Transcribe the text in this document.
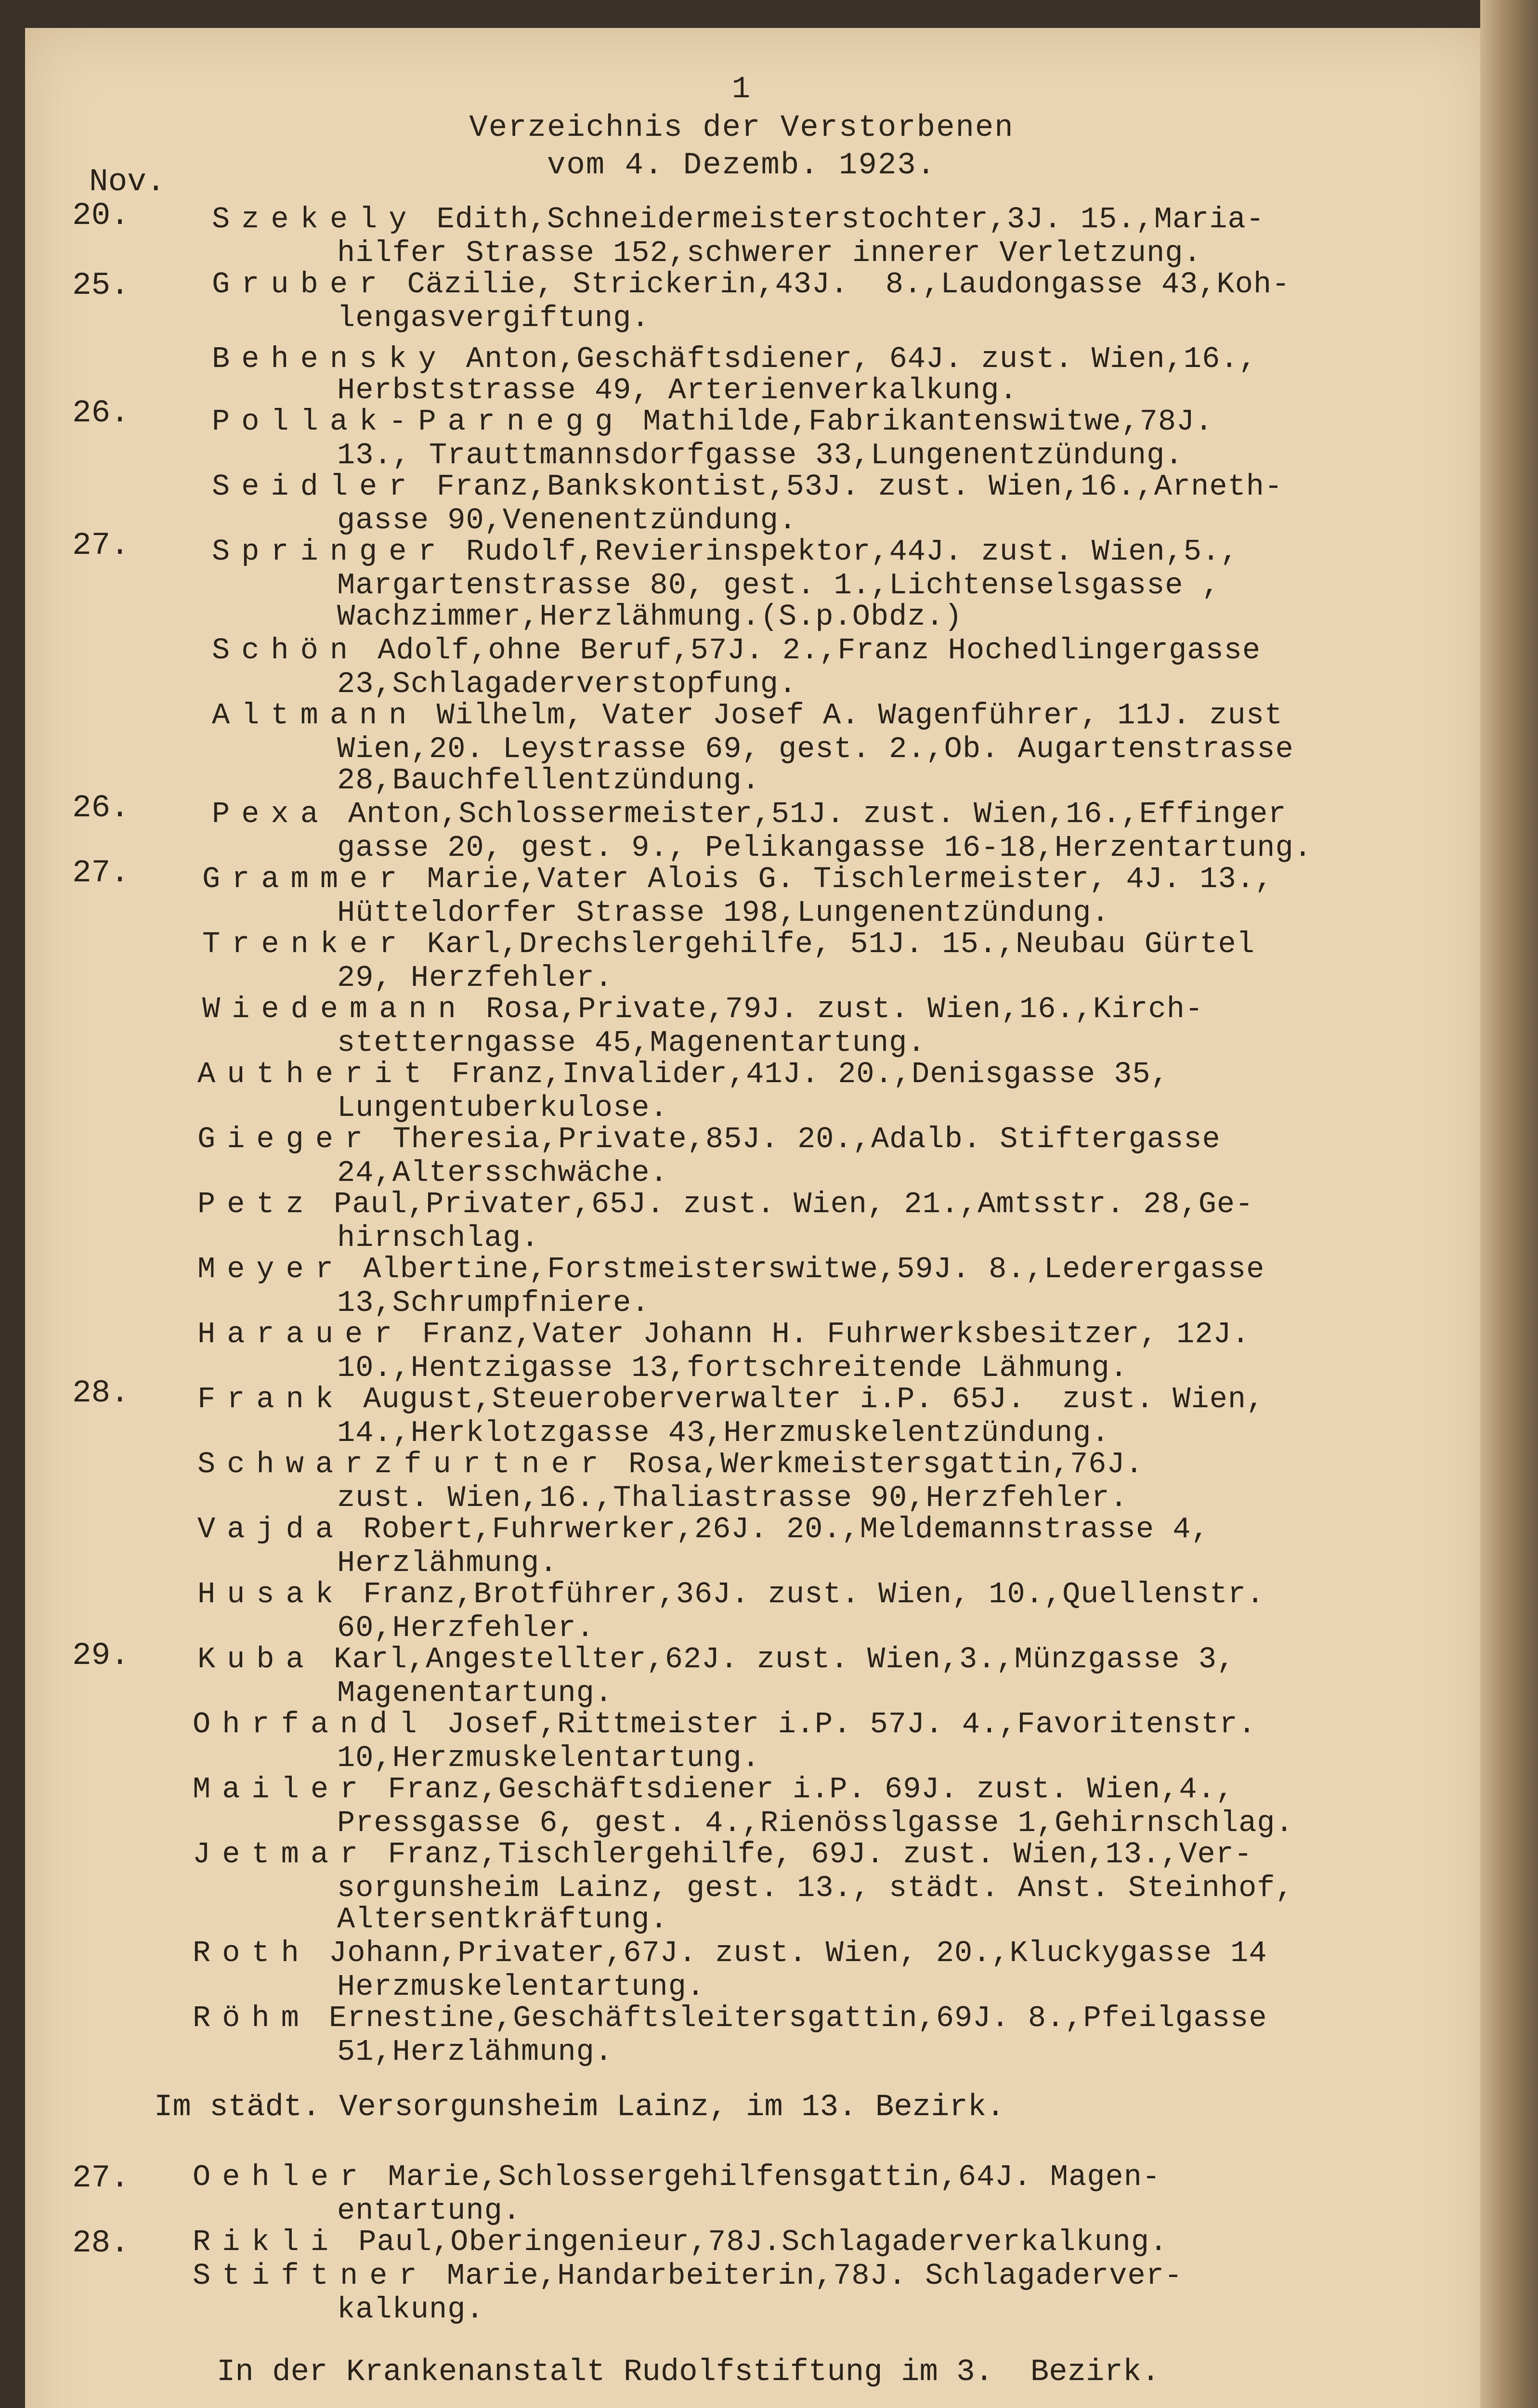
1
Verzeichnis der Verstorbenen
vom 4. Dezemb. 1923.
Nov.
20.
25.
26.
27.
26.
27.
28.
29.
27.
28.
Szekely Edith,Schneidermeisterstochter,3J. 15.,Maria-
hilfer Strasse 152,schwerer innerer Verletzung.
Gruber Cäzilie, Strickerin,43J.  8.,Laudongasse 43,Koh-
lengasvergiftung.
Behensky Anton,Geschäftsdiener, 64J. zust. Wien,16.,
Herbststrasse 49, Arterienverkalkung.
Pollak-Parnegg Mathilde,Fabrikantenswitwe,78J.
13., Trauttmannsdorfgasse 33,Lungenentzündung.
Seidler Franz,Bankskontist,53J. zust. Wien,16.,Arneth-
gasse 90,Venenentzündung.
Springer Rudolf,Revierinspektor,44J. zust. Wien,5.,
Margartenstrasse 80, gest. 1.,Lichtenselsgasse ,
Wachzimmer,Herzlähmung.(S.p.Obdz.)
Schön Adolf,ohne Beruf,57J. 2.,Franz Hochedlingergasse
23,Schlagaderverstopfung.
Altmann Wilhelm, Vater Josef A. Wagenführer, 11J. zust
Wien,20. Leystrasse 69, gest. 2.,Ob. Augartenstrasse
28,Bauchfellentzündung.
Pexa Anton,Schlossermeister,51J. zust. Wien,16.,Effinger
gasse 20, gest. 9., Pelikangasse 16-18,Herzentartung.
Grammer Marie,Vater Alois G. Tischlermeister, 4J. 13.,
Hütteldorfer Strasse 198,Lungenentzündung.
Trenker Karl,Drechslergehilfe, 51J. 15.,Neubau Gürtel
29, Herzfehler.
Wiedemann Rosa,Private,79J. zust. Wien,16.,Kirch-
stetterngasse 45,Magenentartung.
Autherit Franz,Invalider,41J. 20.,Denisgasse 35,
Lungentuberkulose.
Gieger Theresia,Private,85J. 20.,Adalb. Stiftergasse
24,Altersschwäche.
Petz Paul,Privater,65J. zust. Wien, 21.,Amtsstr. 28,Ge-
hirnschlag.
Meyer Albertine,Forstmeisterswitwe,59J. 8.,Lederergasse
13,Schrumpfniere.
Harauer Franz,Vater Johann H. Fuhrwerksbesitzer, 12J.
10.,Hentzigasse 13,fortschreitende Lähmung.
Frank August,Steueroberverwalter i.P. 65J.  zust. Wien,
14.,Herklotzgasse 43,Herzmuskelentzündung.
Schwarzfurtner Rosa,Werkmeistersgattin,76J.
zust. Wien,16.,Thaliastrasse 90,Herzfehler.
Vajda Robert,Fuhrwerker,26J. 20.,Meldemannstrasse 4,
Herzlähmung.
Husak Franz,Brotführer,36J. zust. Wien, 10.,Quellenstr.
60,Herzfehler.
Kuba Karl,Angestellter,62J. zust. Wien,3.,Münzgasse 3,
Magenentartung.
Ohrfandl Josef,Rittmeister i.P. 57J. 4.,Favoritenstr.
10,Herzmuskelentartung.
Mailer Franz,Geschäftsdiener i.P. 69J. zust. Wien,4.,
Pressgasse 6, gest. 4.,Rienösslgasse 1,Gehirnschlag.
Jetmar Franz,Tischlergehilfe, 69J. zust. Wien,13.,Ver-
sorgunsheim Lainz, gest. 13., städt. Anst. Steinhof,
Altersentkräftung.
Roth Johann,Privater,67J. zust. Wien, 20.,Kluckygasse 14
Herzmuskelentartung.
Röhm Ernestine,Geschäftsleitersgattin,69J. 8.,Pfeilgasse
51,Herzlähmung.
Im städt. Versorgunsheim Lainz, im 13. Bezirk.
Oehler Marie,Schlossergehilfensgattin,64J. Magen-
entartung.
Rikli Paul,Oberingenieur,78J.Schlagaderverkalkung.
Stiftner Marie,Handarbeiterin,78J. Schlagaderver-
kalkung.
In der Krankenanstalt Rudolfstiftung im 3.  Bezirk.
